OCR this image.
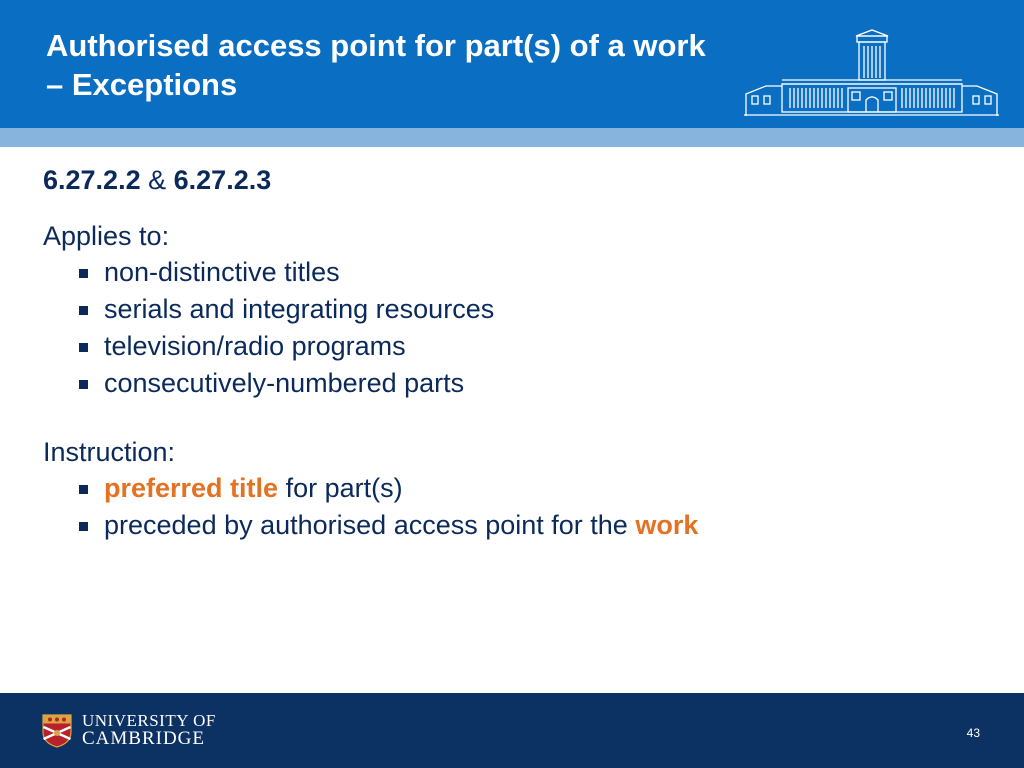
Authorised access point for part(s) of a work
– Exceptions

6.27.2.2 & 6.27.2.3

Applies to:

non-distinctive titles
serials and integrating resources
television/radio programs
consecutively-numbered parts

Instruction:

preferred title for part(s)
preceded by authorised access point for the work
UNIVERSITY OF
CAMBRIDGE	43
